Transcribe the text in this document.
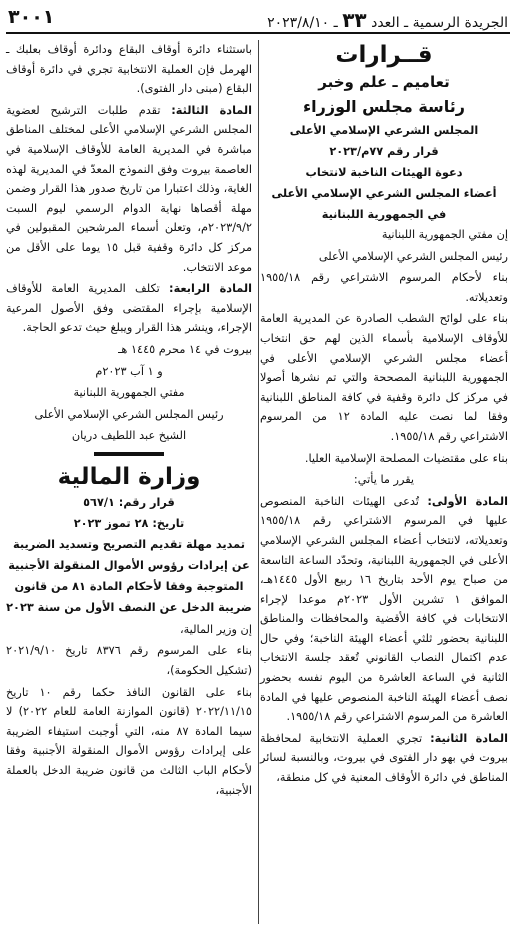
الجريدة الرسمية ـ العدد ٣٣ ـ ٢٠٢٣/٨/١٠
٣٠٠١
قــرارات
تعاميم ـ علم وخبر
رئاسة مجلس الوزراء
المجلس الشرعي الإسلامي الأعلى
قرار رقم ٧٧م/٢٠٢٣
دعوة الهيئات الناخبة لانتخاب
أعضاء المجلس الشرعي الإسلامي الأعلى
في الجمهورية اللبنانية

إن مفتي الجمهورية اللبنانية

رئيس المجلس الشرعي الإسلامي الأعلى

بناء لأحكام المرسوم الاشتراعي رقم ١٩٥٥/١٨ وتعديلاته.

بناء على لوائح الشطب الصادرة عن المديرية العامة للأوقاف الإسلامية بأسماء الذين لهم حق انتخاب أعضاء مجلس الشرعي الإسلامي الأعلى في الجمهورية اللبنانية المصححة والتي تم نشرها أصولا في مركز كل دائرة وقفية في كافة المناطق اللبنانية وفقا لما نصت عليه المادة ١٢ من المرسوم الاشتراعي رقم ١٩٥٥/١٨.

بناء على مقتضيات المصلحة الإسلامية العليا.

يقرر ما يأتي:

المادة الأولى: تُدعى الهيئات الناخبة المنصوص عليها في المرسوم الاشتراعي رقم ١٩٥٥/١٨ وتعديلاته، لانتخاب أعضاء المجلس الشرعي الإسلامي الأعلى في الجمهورية اللبنانية، وتحدّد الساعة التاسعة من صباح يوم الأحد بتاريخ ١٦ ربيع الأول ١٤٤٥هـ، الموافق ١ تشرين الأول ٢٠٢٣م موعدا لإجراء الانتخابات في كافة الأقضية والمحافظات والمناطق اللبنانية بحضور ثلثي أعضاء الهيئة الناخبة؛ وفي حال عدم اكتمال النصاب القانوني تُعقد جلسة الانتخاب الثانية في الساعة العاشرة من اليوم نفسه بحضور نصف أعضاء الهيئة الناخبة المنصوص عليها في المادة العاشرة من المرسوم الاشتراعي رقم ١٩٥٥/١٨.

المادة الثانية: تجري العملية الانتخابية لمحافظة بيروت في بهو دار الفتوى في بيروت، وبالنسبة لسائر المناطق في دائرة الأوقاف المعنية في كل منطقة،

باستثناء دائرة أوقاف البقاع ودائرة أوقاف بعلبك ـ الهرمل فإن العملية الانتخابية تجري في دائرة أوقاف البقاع (مبنى دار الفتوى).

المادة الثالثة: تقدم طلبات الترشيح لعضوية المجلس الشرعي الإسلامي الأعلى لمختلف المناطق مباشرة في المديرية العامة للأوقاف الإسلامية في العاصمة بيروت وفق النموذج المعدّ في المديرية لهذه الغاية، وذلك اعتبارا من تاريخ صدور هذا القرار وضمن مهلة أقصاها نهاية الدوام الرسمي ليوم السبت ٢٠٢٣/٩/٢م، وتعلن أسماء المرشحين المقبولين في مركز كل دائرة وقفية قبل ١٥ يوما على الأقل من موعد الانتخاب.

المادة الرابعة: تكلف المديرية العامة للأوقاف الإسلامية بإجراء المقتضى وفق الأصول المرعية الإجراء، وينشر هذا القرار ويبلغ حيث تدعو الحاجة.

بيروت في ١٤ محرم ١٤٤٥ هـ

و ١ آب ٢٠٢٣م

مفتي الجمهورية اللبنانية

رئيس المجلس الشرعي الإسلامي الأعلى

الشيخ عبد اللطيف دريان

وزارة المالية
قرار رقم: ٥٦٧/١
تاريخ: ٢٨ تموز ٢٠٢٣

تمديد مهلة تقديم التصريح وتسديد الضريبة عن إيرادات رؤوس الأموال المنقولة الأجنبية المتوجبة وفقا لأحكام المادة ٨١ من قانون ضريبة الدخل عن النصف الأول من سنة ٢٠٢٣

إن وزير المالية،

بناء على المرسوم رقم ٨٣٧٦ تاريخ ٢٠٢١/٩/١٠ (تشكيل الحكومة)،

بناء على القانون النافذ حكما رقم ١٠ تاريخ ٢٠٢٢/١١/١٥ (قانون الموازنة العامة للعام ٢٠٢٢) لا سيما المادة ٨٧ منه، التي أوجبت استيفاء الضريبة على إيرادات رؤوس الأموال المنقولة الأجنبية وفقا لأحكام الباب الثالث من قانون ضريبة الدخل بالعملة الأجنبية،
